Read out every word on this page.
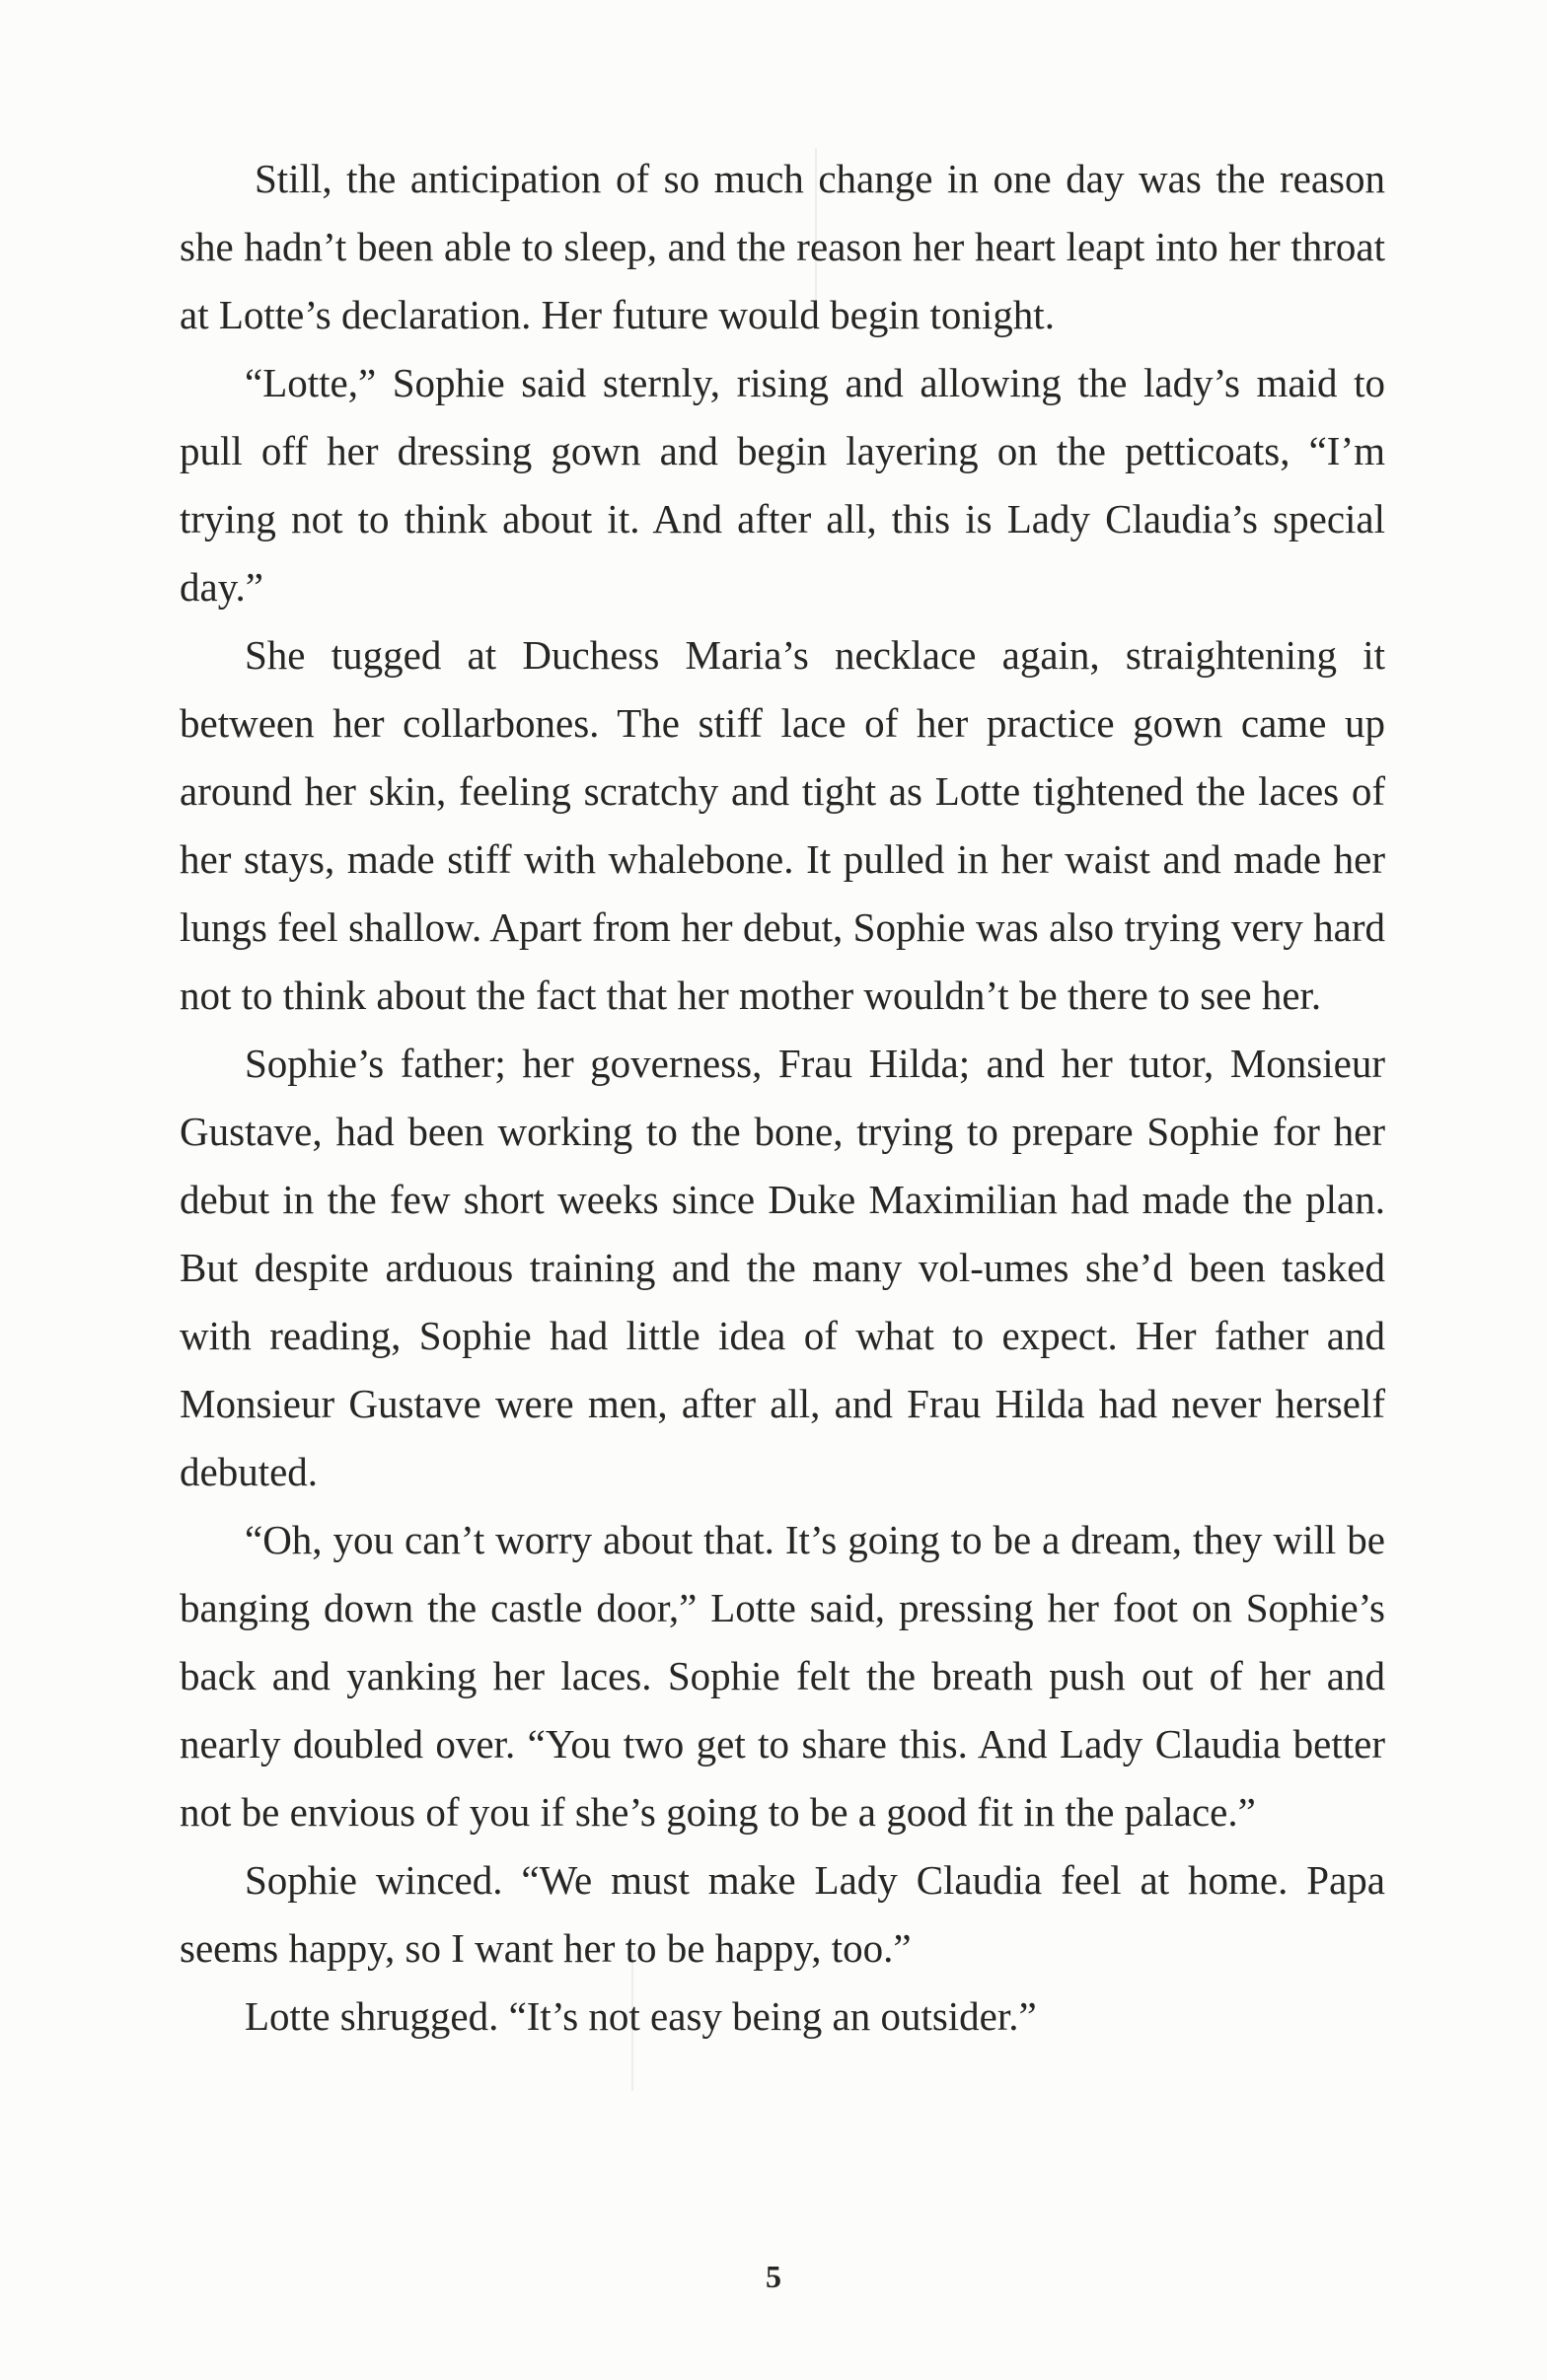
Still, the anticipation of so much change in one day was the reason she hadn’t been able to sleep, and the reason her heart leapt into her throat at Lotte’s declaration. Her future would begin tonight.

“Lotte,” Sophie said sternly, rising and allowing the lady’s maid to pull off her dressing gown and begin layering on the petticoats, “I’m trying not to think about it. And after all, this is Lady Claudia’s special day.”

She tugged at Duchess Maria’s necklace again, straightening it between her collarbones. The stiff lace of her practice gown came up around her skin, feeling scratchy and tight as Lotte tightened the laces of her stays, made stiff with whalebone. It pulled in her waist and made her lungs feel shallow. Apart from her debut, Sophie was also trying very hard not to think about the fact that her mother wouldn’t be there to see her.

Sophie’s father; her governess, Frau Hilda; and her tutor, Monsieur Gustave, had been working to the bone, trying to prepare Sophie for her debut in the few short weeks since Duke Maximilian had made the plan. But despite arduous training and the many vol-umes she’d been tasked with reading, Sophie had little idea of what to expect. Her father and Monsieur Gustave were men, after all, and Frau Hilda had never herself debuted.

“Oh, you can’t worry about that. It’s going to be a dream, they will be banging down the castle door,” Lotte said, pressing her foot on Sophie’s back and yanking her laces. Sophie felt the breath push out of her and nearly doubled over. “You two get to share this. And Lady Claudia better not be envious of you if she’s going to be a good fit in the palace.”

Sophie winced. “We must make Lady Claudia feel at home. Papa seems happy, so I want her to be happy, too.”

Lotte shrugged. “It’s not easy being an outsider.”

5
